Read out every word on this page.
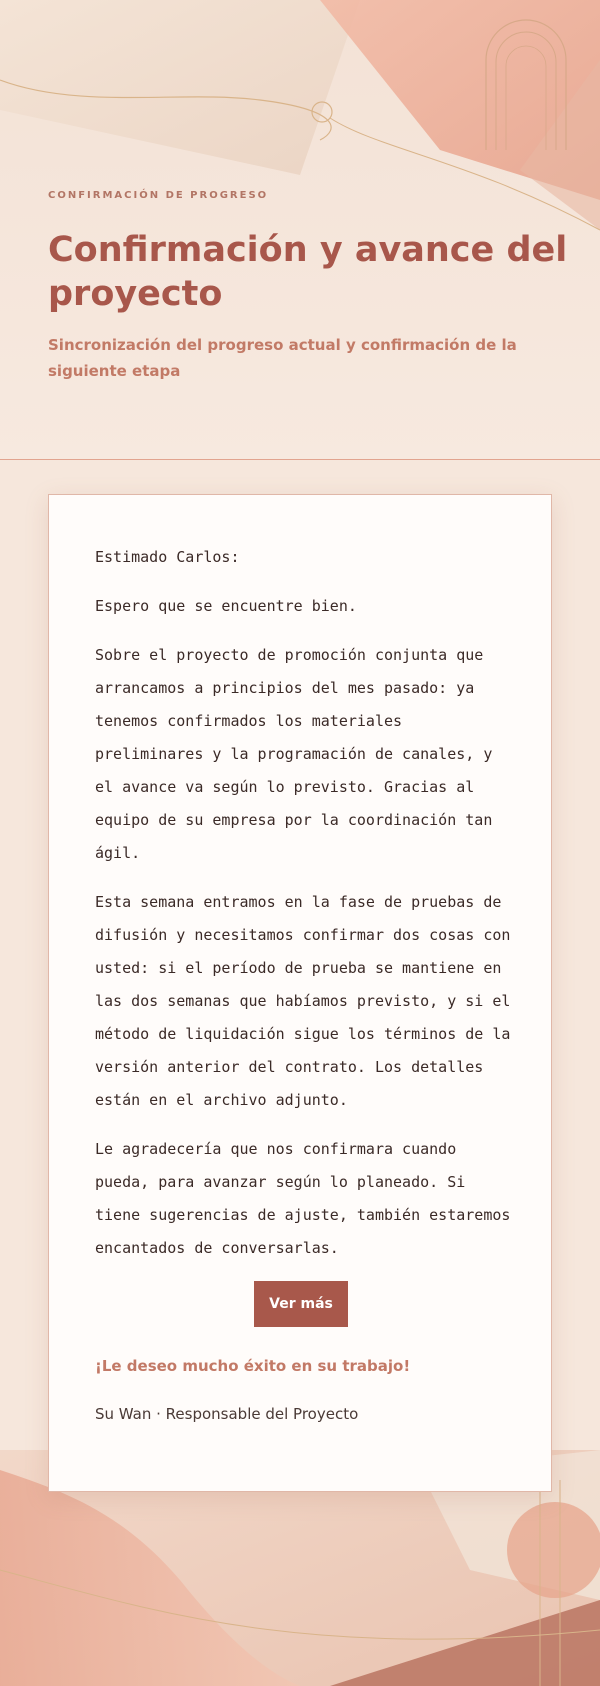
CONFIRMACIÓN DE PROGRESO
Confirmación y avance del proyecto
Sincronización del progreso actual y confirmación de la siguiente etapa

Estimado Carlos:

Espero que se encuentre bien.

Sobre el proyecto de promoción conjunta que arrancamos a principios del mes pasado: ya tenemos confirmados los materiales preliminares y la programación de canales, y el avance va según lo previsto. Gracias al equipo de su empresa por la coordinación tan ágil.

Esta semana entramos en la fase de pruebas de difusión y necesitamos confirmar dos cosas con usted: si el período de prueba se mantiene en las dos semanas que habíamos previsto, y si el método de liquidación sigue los términos de la versión anterior del contrato. Los detalles están en el archivo adjunto.

Le agradecería que nos confirmara cuando pueda, para avanzar según lo planeado. Si tiene sugerencias de ajuste, también estaremos encantados de conversarlas.

Ver más
¡Le deseo mucho éxito en su trabajo!
Su Wan · Responsable del Proyecto
